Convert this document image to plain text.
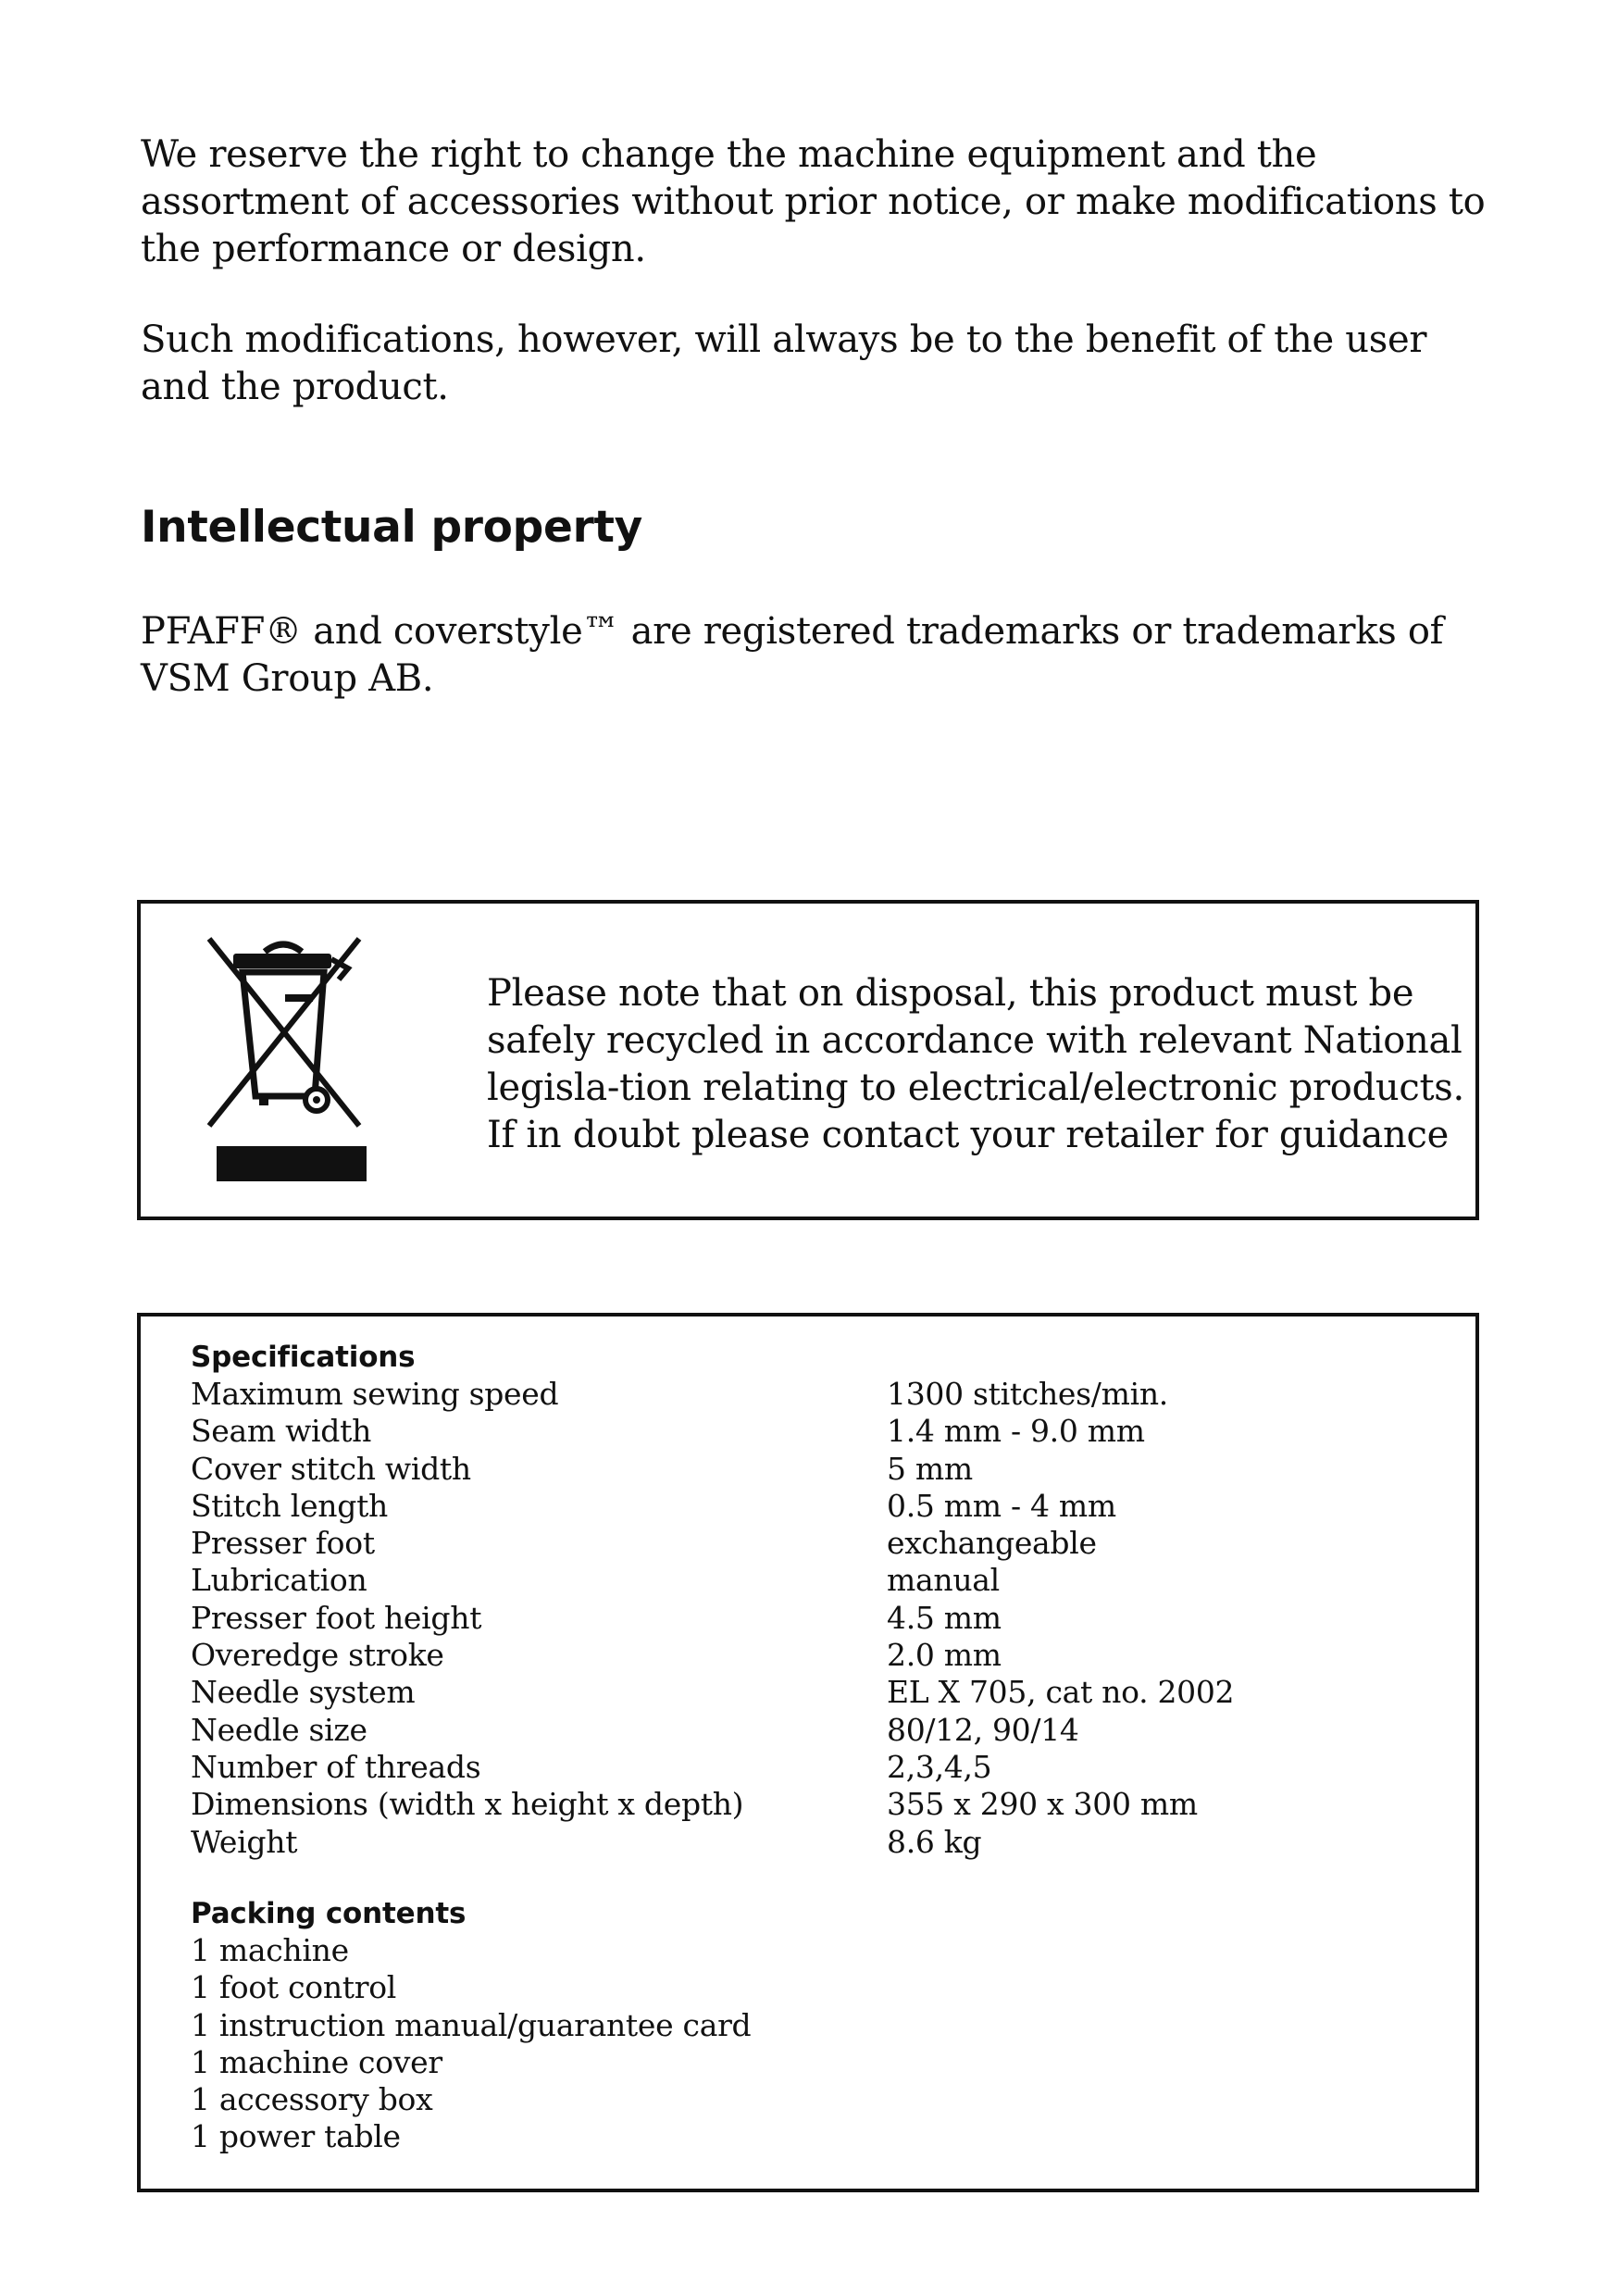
We reserve the right to change the machine equipment and the assortment of accessories without prior notice, or make modifications to the performance or design.

Such modifications, however, will always be to the benefit of the user and the product.

Intellectual property

PFAFF® and coverstyle™ are registered trademarks or trademarks of VSM Group AB.

Please note that on disposal, this product must be safely recycled in accordance with relevant National legisla-tion relating to electrical/electronic products. If in doubt please contact your retailer for guidance

Specifications
Maximum sewing speed	1300 stitches/min.
Seam width	1.4 mm - 9.0 mm
Cover stitch width	5 mm
Stitch length	0.5 mm - 4 mm
Presser foot	exchangeable
Lubrication	manual
Presser foot height	4.5 mm
Overedge stroke	2.0 mm
Needle system	EL X 705, cat no. 2002
Needle size	80/12, 90/14
Number of threads	2,3,4,5
Dimensions (width x height x depth)	355 x 290 x 300 mm
Weight	8.6 kg
Packing contents
1 machine
1 foot control
1 instruction manual/guarantee card
1 machine cover
1 accessory box
1 power table
